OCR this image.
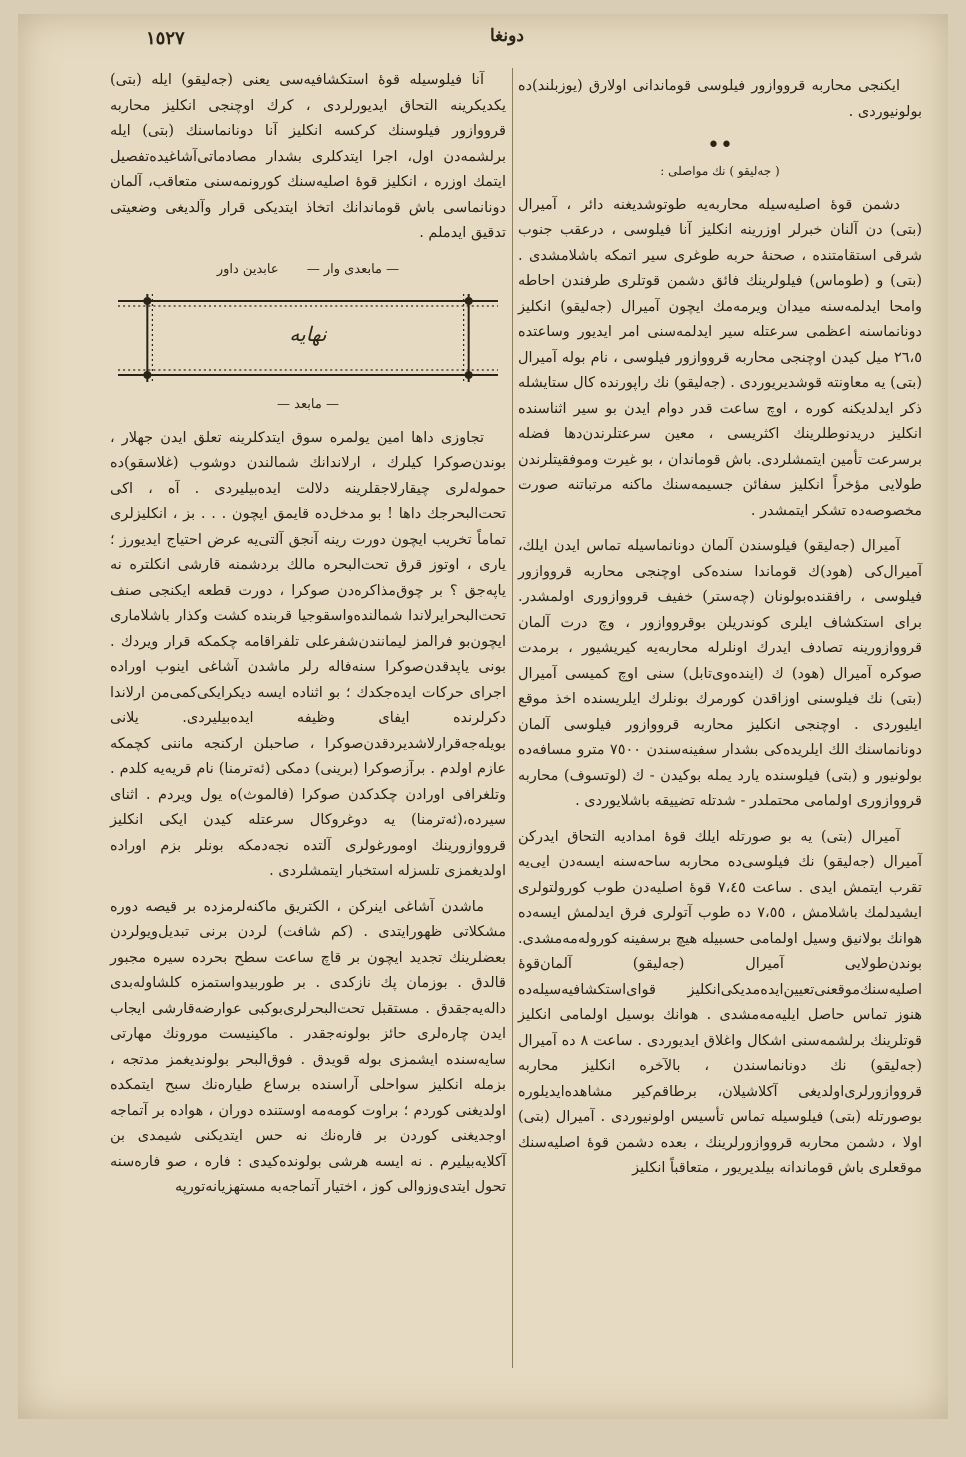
١٥٢٧	دونغا

ایکنجی محاربه قرووازور فیلوسی قوماندانی اولارق (یوزبلند)ده بولونیوردی .

••
( جه‌لیقو ) نك مواصلی :

دشمن قوهٔ اصلیه‌سیله محاربه‌یه طوتوشدیغنه دائر ، آمیرال (بتی) دن آلنان خبرلر اوزرینه انکلیز آنا فیلوسی ، درعقب جنوب شرقی استقامتنده ، صحنهٔ حربه طوغری سیر اتمکه باشلامشدی . (بتی) و (طوماس) فیلولرینك فائق دشمن قوتلری طرفندن احاطه وامحا ایدلمه‌سنه میدان ویرمه‌مك ایچون آمیرال (جه‌لیقو) انکلیز دونانماسنه اعظمی سرعتله سیر ایدلمه‌سنی امر ایدیور وساعتده ٢٦،٥ میل کیدن اوچنجی محاربه قرووازور فیلوسی ، نام بوله آمیرال (بتی) یه معاونته قوشدیریوردی . (جه‌لیقو) نك راپورنده کال ستایشله ذکر ایدلدیکنه کوره ، اوچ ساعت قدر دوام ایدن بو سیر اثناسنده انکلیز دریدنوطلرینك اکثریسی ، معین سرعتلرندن‌دها فضله برسرعت تأمین ایتمشلردی. باش قوماندان ، بو غیرت وموفقیتلرندن طولایی مؤخراً انکلیز سفائن جسیمه‌سنك ماکنه مرتباتنه صورت مخصوصه‌ده تشکر ایتمشدر .

آمیرال (جه‌لیقو) فیلوسندن آلمان دونانماسیله تماس ایدن ایلك، آمیرال‌کی (هود)ك قوماندا سنده‌کی اوچنجی محاربه قرووازور فیلوسی ، رافقنده‌بولونان (چه‌ستر) خفیف قرووازوری اولمشدر. برای استکشاف ایلری کوندریلن بوقرووازور ، وچ درت آلمان قرووازورینه تصادف ایدرك اونلرله محاربه‌یه کیریشیور ، برمدت صوکره آمیرال (هود) ك (اینده‌وی‌تابل) سنی اوچ کمیسی آمیرال (بتی) نك فیلوسنی اوزاقدن کورمرك بونلرك ایلریسنده اخذ موقع ایلیوردی . اوچنجی انکلیز محاربه قرووازور فیلوسی آلمان دونانماسنك الك ایلریده‌کی بشدار سفینه‌سندن ٧٥٠٠ مترو مسافه‌ده بولونیور و (بتی) فیلوسنده یارد یمله بوکیدن - ك (لوتسوف) محاربه قرووازوری اولمامی محتملدر - شدتله تضییقه باشلایوردی .

آمیرال (بتی) یه بو صورتله ایلك قوهٔ امدادیه التحاق ایدرکن آمیرال (جه‌لیقو) نك فیلوسی‌ده محاربه ساحه‌سنه ایسه‌دن ایی‌یه تقرب ایتمش ایدی . ساعت ٧،٤٥ قوهٔ اصلیه‌دن طوب کورولتولری ایشیدلمك باشلامش ، ٧،٥٥ ده طوب آتولری فرق ایدلمش ایسه‌ده هوانك بولانیق وسیل اولمامی حسبیله هیچ برسفینه کوروله‌مه‌مشدی. بوندن‌طولایی آمیرال (جه‌لیقو) آلمان‌قوهٔ اصلیه‌سنك‌موقعنی‌تعیین‌ایده‌مدیکی‌انکلیز قوای‌استکشافیه‌سیله‌ده هنوز تماس حاصل ایلیه‌مه‌مشدی . هوانك بوسیل اولمامی انکلیز قوتلرینك برلشمه‌سنی اشکال واغلاق ایدیوردی . ساعت ٨ ده آمیرال (جه‌لیقو) نك دونانماسندن ، بالآخره انکلیز محاربه قرووازورلری‌اولدیغی آکلاشیلان، برطاقم‌کیر مشاهده‌ایدیلوره‌ بوصورتله (بتی) فیلوسیله تماس تأسیس اولونیوردی . آمیرال (بتی) اولا ، دشمن محاربه قرووازورلرینك ، بعده دشمن قوهٔ اصلیه‌سنك موقعلری باش قوماندانه بیلدیریور ، متعاقباً انکلیز

آنا فیلوسیله قوهٔ استکشافیه‌سی یعنی (جه‌لیقو) ایله (بتی) یکدیکرینه التحاق ایدیورلردی ، کرك اوچنجی انکلیز محاربه قرووازور فیلوسنك کرکسه انکلیز آنا دونانماسنك (بتی) ایله برلشمه‌دن اول، اجرا ایتدکلری بشدار مصادماتی‌آشاغیده‌تفصیل ایتمك اوزره ، انکلیز قوهٔ اصلیه‌سنك کورونمه‌سنی متعاقب، آلمان دونانماسی باش قوماندانك اتخاذ ایتدیکی قرار وآلدیغی وضعیتی تدقیق ایدملم .

— مابعدی وار — عابدین داور
نهایه
— مابعد —

تجاوزی داها امین یولمره سوق ایتدکلرینه تعلق ایدن جهلار ، بوندن‌صوکرا کیلرك ، ارلاندانك شمالندن دوشوب (غلاسقو)ده حمولەلری چیقارلاجقلرینه دلالت ایده‌بیلیردی . آه ، اکی تحت‌البحرجك داها ! بو مدخل‌ده قایمق ایچون . . . بز ، انکلیزلری تماماً تخریب ایچون دورت رینه آنجق آلتی‌یه عرض احتیاج ایدیورز ؛ یاری ، اوتوز قرق تحت‌البحره مالك بردشمنه قارشی انکلتره نه یاپه‌جق ؟ بر چوق‌مذاکره‌دن صوکرا ، دورت قطعه ایکنجی صنف تحت‌البحرایرلاندا شمالنده‌واسقوجیا قربنده کشت وکذار باشلاماری ایچون‌بو فرالمز لیمانندن‌شفرعلی تلفراقامه چکمکه قرار ویردك . بونی یاپدقدن‌صوکرا سنه‌فاله رلر ماشدن آشاغی اینوب اوراده اجرای حرکات ایده‌جکدك ؛ بو اثناده ایسه دیکرایکی‌کمی‌من ارلاندا دکرلرنده ایفای وظیفه ایده‌بیلیردی. یلانی بویله‌جه‌قرارلاشدیردقدن‌صوکرا ، صاحبلن ارکنجه ماننی کچمکه عازم اولدم . برآزصوکرا (برینی) دمکی (ئه‌ترمنا) نام قریه‌یه کلدم . وتلغرافی اورادن چکدکدن صوکرا (فالموث)ه یول ویردم . اثنای سیرده،(ئه‌ترمنا) یه دوغروکال سرعتله کیدن ایکی انکلیز قرووازورینك اومورغولری آلتده نجه‌دمکه بونلر بزم اوراده اولدیغمزی تلسزله استخبار ایتمشلردی .

ماشدن آشاغی اینرکن ، الکتریق ماکنه‌لرمزده بر قیصه دوره مشکلاتی ظهورایتدی . (کم شافت) لردن برنی تبدیل‌ویولردن بعضلرینك تجدید ایچون بر قاچ ساعت سطح بحرده سیره مجبور قالدق . بوزمان پك نازکدی . بر طوربیدواستمزه کلشاوله‌بدی داله‌یه‌جقدق . مستقبل تحت‌البحرلری‌بوکبی عوارضه‌قارشی ایجاب ایدن چاره‌لری حائز بولونه‌جقدر . ماکینیست مورونك مهارتی سایه‌سنده ایشمزی بوله قویدق . فوق‌البحر بولوندیغمز مدتجه ، بزمله انکلیز سواحلی آراسنده برساع طیاره‌نك سبح ایتمکده اولدیغنی کوردم ؛ براوت کومه‌مه اوستنده دوران ، هواده بر آتماجه اوجدیغنی کوردن بر فارەنك نه حس ایتدیکنی شیمدی بن آکلایه‌بیلیرم . نه ایسه هرشی بولونده‌کیدی : فاره ، صو فاره‌سنه تحول ایتدی‌وزوالی کوز ، اختیار آتماجه‌به مستهزیانه‌تورپه
